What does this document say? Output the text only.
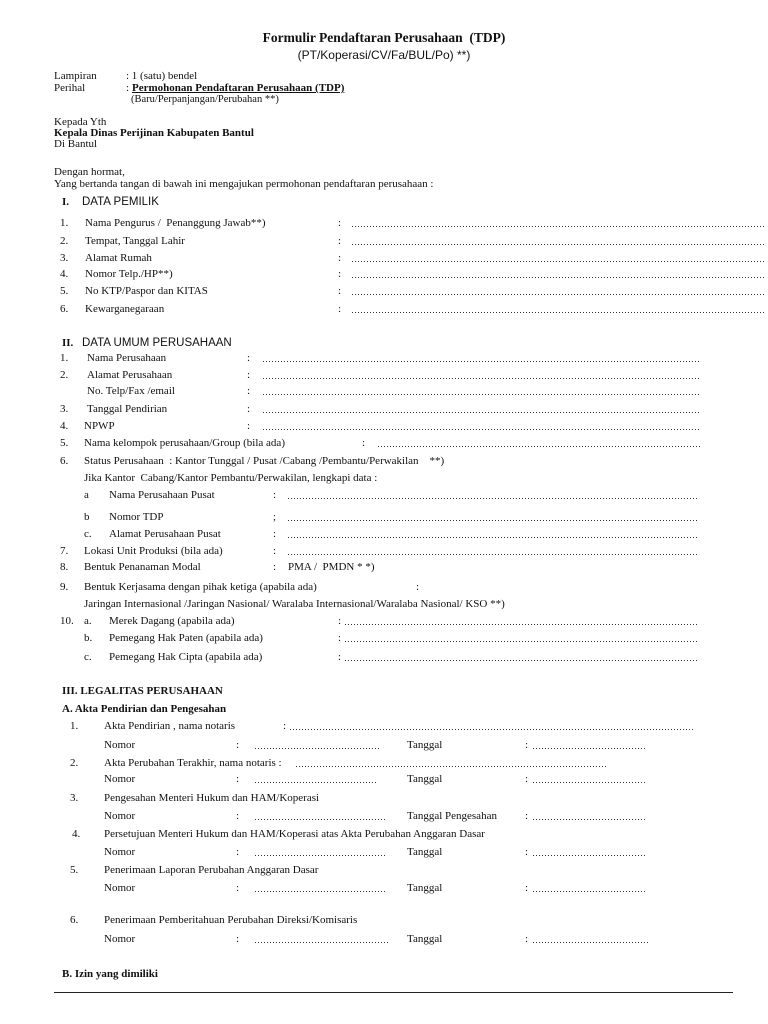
Formulir Pendaftaran Perusahaan  (TDP)
(PT/Koperasi/CV/Fa/BUL/Po) **)
Lampiran	: 1 (satu) bendel
Perihal	: Permohonan Pendaftaran Perusahaan (TDP)
(Baru/Perpanjangan/Perubahan **)
Kepada Yth
Kepala Dinas Perijinan Kabupaten Bantul
Di Bantul
Dengan hormat,
Yang bertanda tangan di bawah ini mengajukan permohonan pendaftaran perusahaan :
I. DATA PEMILIK
1. Nama Pengurus /  Penanggung Jawab**)	:
2. Tempat, Tanggal Lahir	:
3. Alamat Rumah	:
4. Nomor Telp./HP**)	:
5. No KTP/Paspor dan KITAS	:
6. Kewarganegaraan	:
II. DATA UMUM PERUSAHAAN
1. Nama Perusahaan	:
2. Alamat Perusahaan	:
No. Telp/Fax /email	:
3. Tanggal Pendirian	:
4. NPWP	:
5. Nama kelompok perusahaan/Group (bila ada)	:
6. Status Perusahaan  : Kantor Tunggal / Pusat /Cabang /Pembantu/Perwakilan    **)
Jika Kantor  Cabang/Kantor Pembantu/Perwakilan, lengkapi data :
a Nama Perusahaan Pusat	:
b Nomor TDP	;
c. Alamat Perusahaan Pusat	:
7. Lokasi Unit Produksi (bila ada)	:
8. Bentuk Penanaman Modal	: PMA /  PMDN * *)
9. Bentuk Kerjasama dengan pihak ketiga (apabila ada)	:
Jaringan Internasional /Jaringan Nasional/ Waralaba Internasional/Waralaba Nasional/ KSO **)
10. a. Merek Dagang (apabila ada)	:
b. Pemegang Hak Paten (apabila ada)	:
c. Pemegang Hak Cipta (apabila ada)	:
III. LEGALITAS PERUSAHAAN
A. Akta Pendirian dan Pengesahan
1. Akta Pendirian , nama notaris	:
Nomor	:	Tanggal	:
2. Akta Perubahan Terakhir, nama notaris :
Nomor	:	Tanggal	:
3. Pengesahan Menteri Hukum dan HAM/Koperasi
Nomor	:	Tanggal Pengesahan	:
4. Persetujuan Menteri Hukum dan HAM/Koperasi atas Akta Perubahan Anggaran Dasar
Nomor	:	Tanggal	:
5. Penerimaan Laporan Perubahan Anggaran Dasar
Nomor	:	Tanggal	:
6. Penerimaan Pemberitahuan Perubahan Direksi/Komisaris
Nomor	:	Tanggal	:
B. Izin yang dimiliki
